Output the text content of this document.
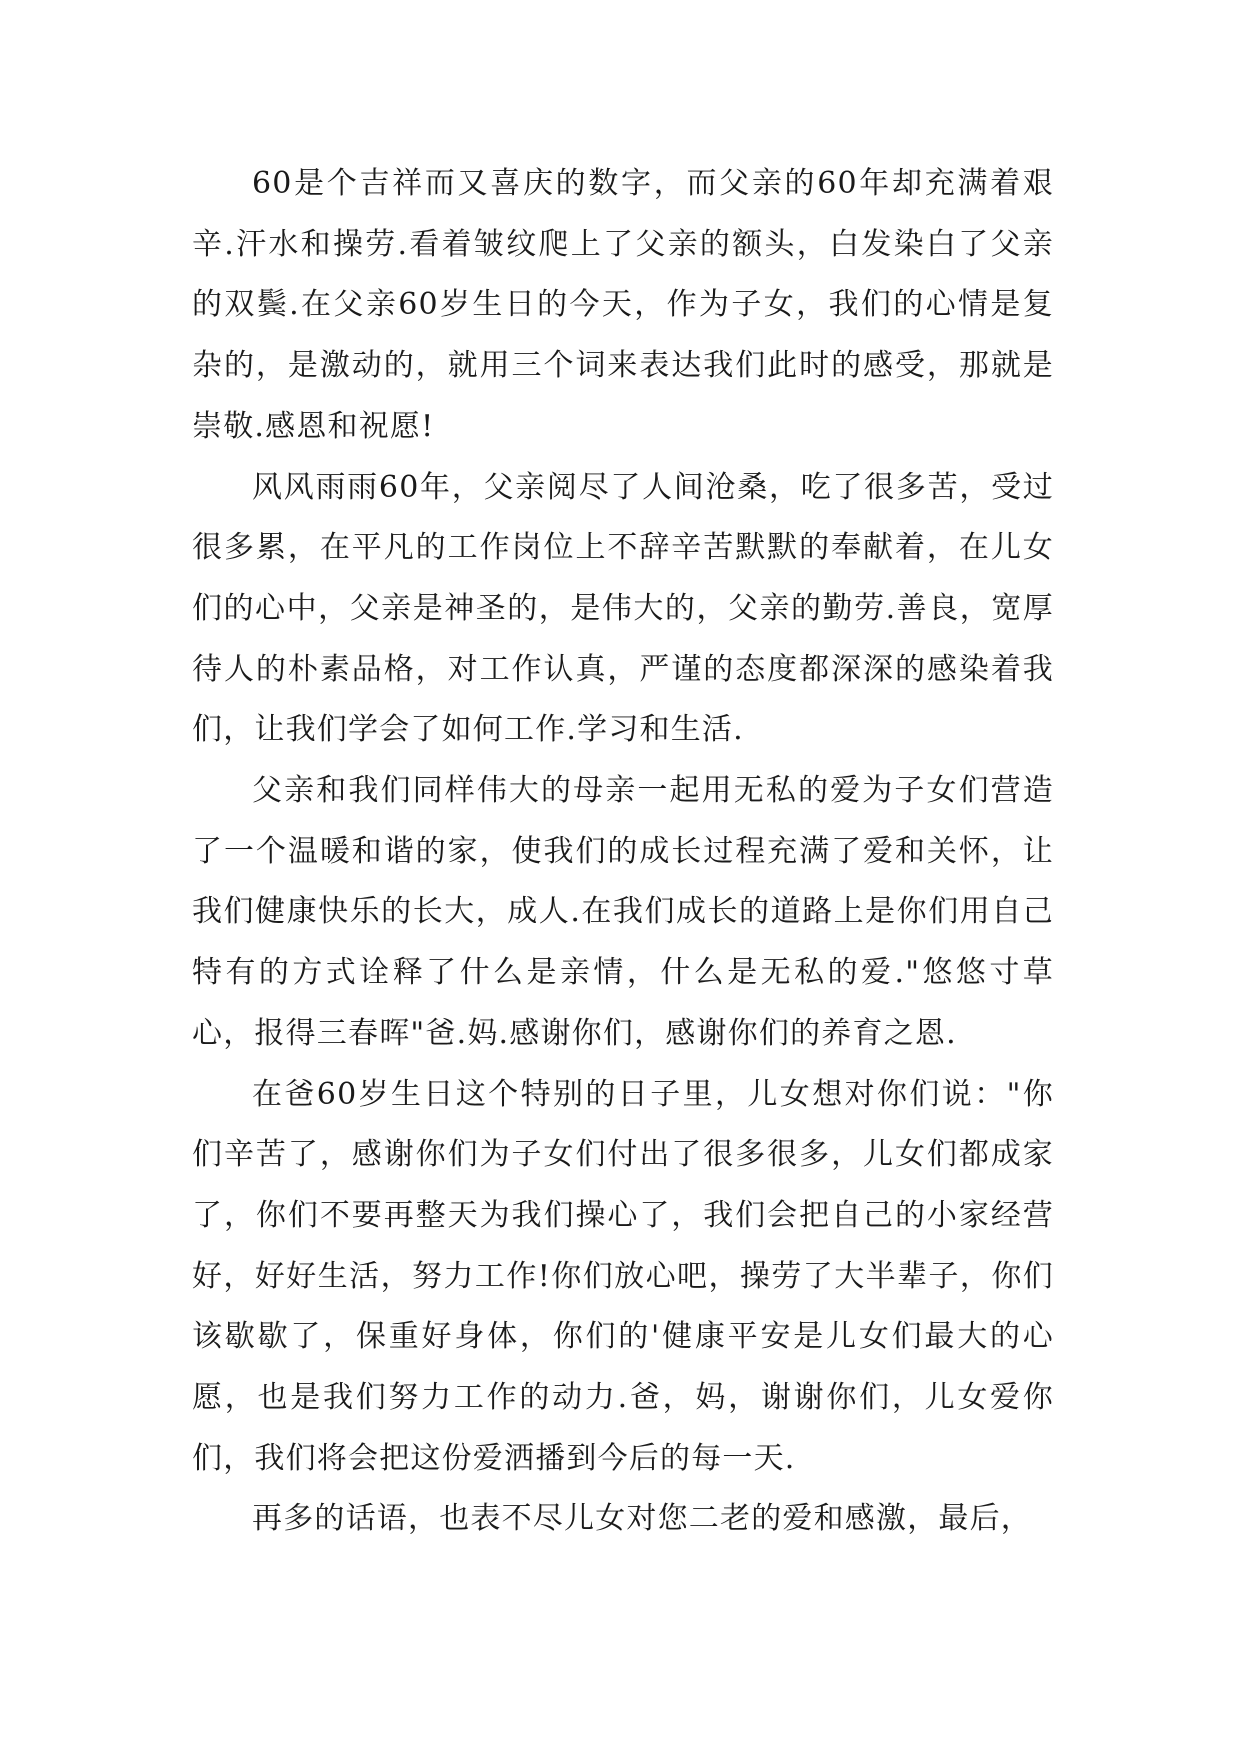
60是个吉祥而又喜庆的数字，而父亲的60年却充满着艰辛.汗水和操劳.看着皱纹爬上了父亲的额头，白发染白了父亲的双鬓.在父亲60岁生日的今天，作为子女，我们的心情是复杂的，是激动的，就用三个词来表达我们此时的感受，那就是崇敬.感恩和祝愿!

风风雨雨60年，父亲阅尽了人间沧桑，吃了很多苦，受过很多累，在平凡的工作岗位上不辞辛苦默默的奉献着，在儿女们的心中，父亲是神圣的，是伟大的，父亲的勤劳.善良，宽厚待人的朴素品格，对工作认真，严谨的态度都深深的感染着我们，让我们学会了如何工作.学习和生活.

父亲和我们同样伟大的母亲一起用无私的爱为子女们营造了一个温暖和谐的家，使我们的成长过程充满了爱和关怀，让我们健康快乐的长大，成人.在我们成长的道路上是你们用自己特有的方式诠释了什么是亲情，什么是无私的爱."悠悠寸草心，报得三春晖"爸.妈.感谢你们，感谢你们的养育之恩.

在爸60岁生日这个特别的日子里，儿女想对你们说："你们辛苦了，感谢你们为子女们付出了很多很多，儿女们都成家了，你们不要再整天为我们操心了，我们会把自己的小家经营好，好好生活，努力工作!你们放心吧，操劳了大半辈子，你们该歇歇了，保重好身体，你们的'健康平安是儿女们最大的心愿，也是我们努力工作的动力.爸，妈，谢谢你们，儿女爱你们，我们将会把这份爱洒播到今后的每一天.

再多的话语，也表不尽儿女对您二老的爱和感激，最后，
